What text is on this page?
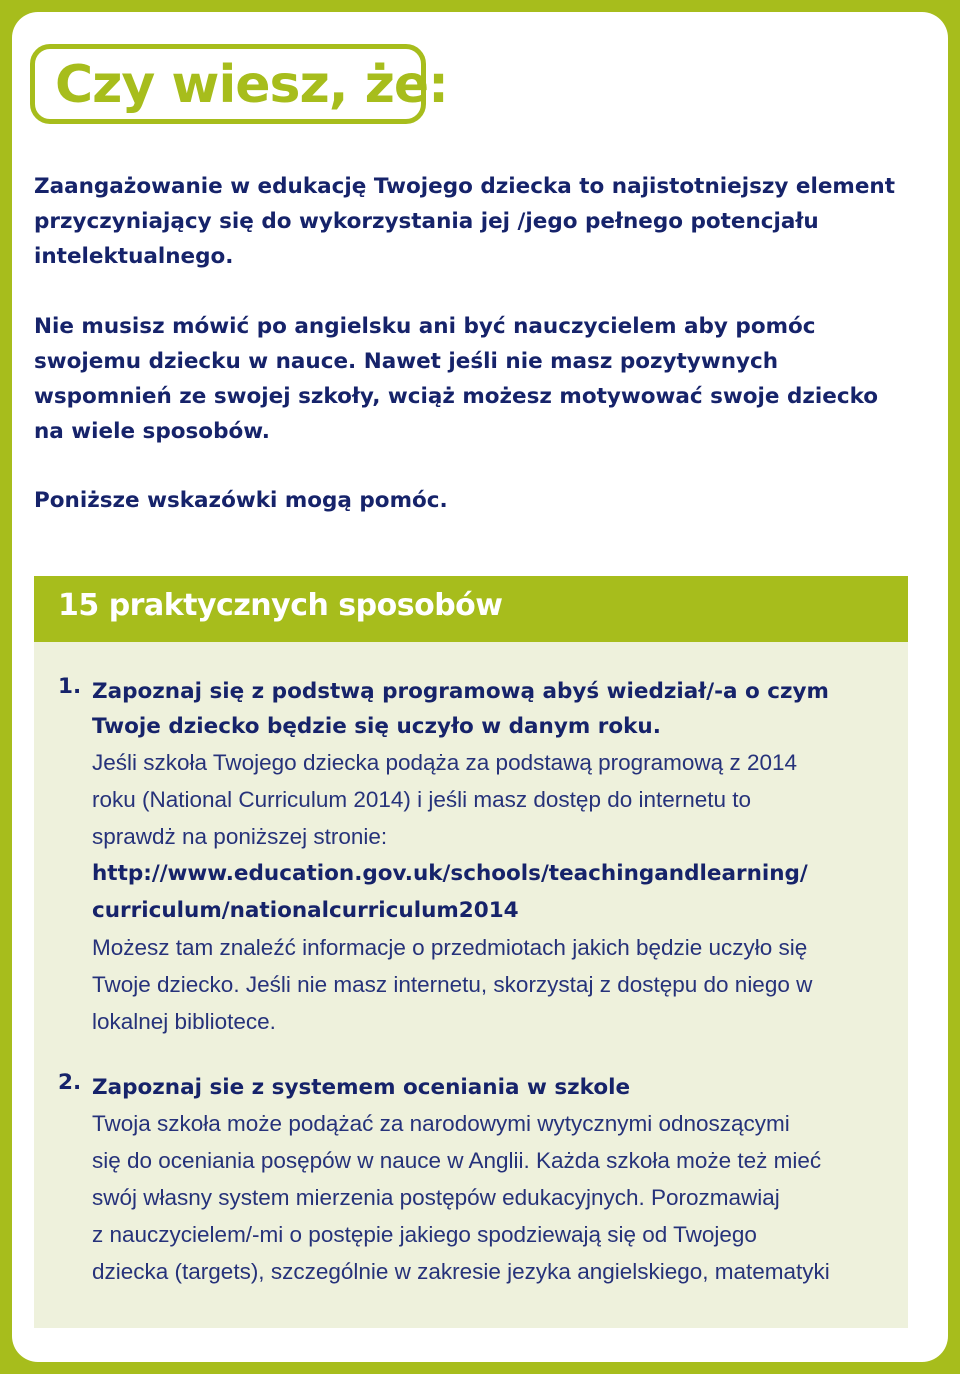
Czy wiesz, że:
Zaangażowanie w edukację Twojego dziecka to najistotniejszy element
przyczyniający się do wykorzystania jej /jego pełnego potencjału
intelektualnego.
Nie musisz mówić po angielsku ani być nauczycielem aby pomóc
swojemu dziecku w nauce. Nawet jeśli nie masz pozytywnych
wspomnień ze swojej szkoły, wciąż możesz motywować swoje dziecko
na wiele sposobów.
Poniższe wskazówki mogą pomóc.
15 praktycznych sposobów
1. Zapoznaj się z podstwą programową abyś wiedział/-a o czym
Twoje dziecko będzie się uczyło w danym roku.
Jeśli szkoła Twojego dziecka podąża za podstawą programową z 2014
roku (National Curriculum 2014) i jeśli masz dostęp do internetu to
sprawdż na poniższej stronie:
http://www.education.gov.uk/schools/teachingandlearning/
curriculum/nationalcurriculum2014
Możesz tam znaleźć informacje o przedmiotach jakich będzie uczyło się
Twoje dziecko. Jeśli nie masz internetu, skorzystaj z dostępu do niego w
lokalnej bibliotece.
2. Zapoznaj sie z systemem oceniania w szkole
Twoja szkoła może podążać za narodowymi wytycznymi odnoszącymi
się do oceniania posępów w nauce w Anglii. Każda szkoła może też mieć
swój własny system mierzenia postępów edukacyjnych. Porozmawiaj
z nauczycielem/-mi o postępie jakiego spodziewają się od Twojego
dziecka (targets), szczególnie w zakresie jezyka angielskiego, matematyki
